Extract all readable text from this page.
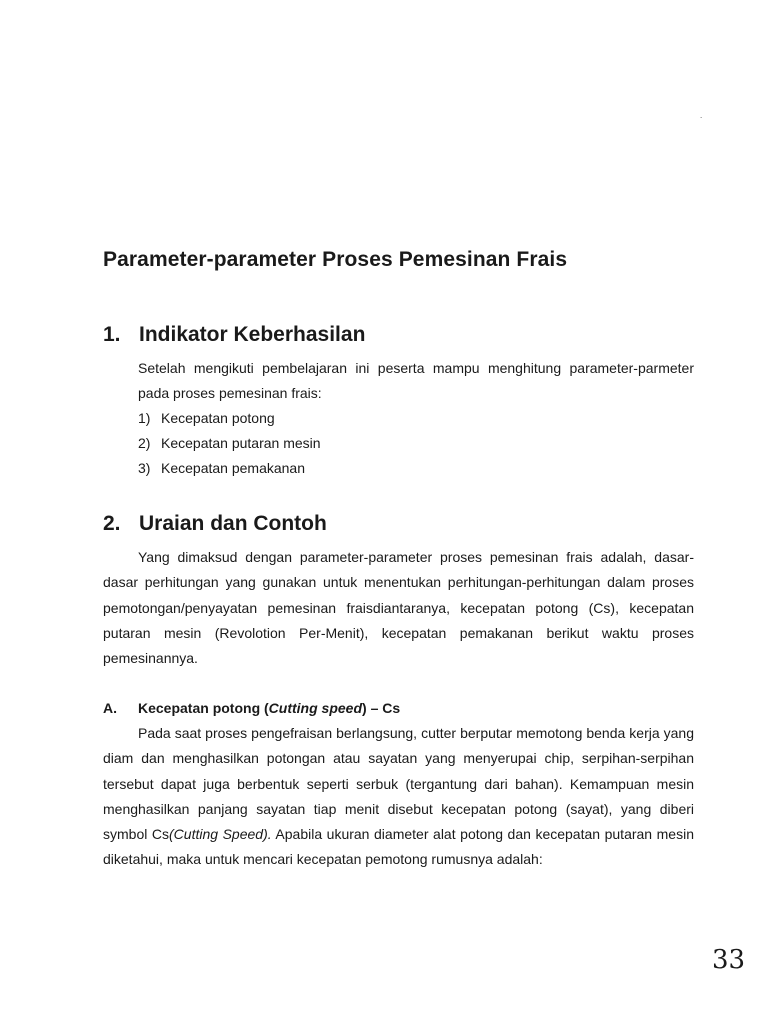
.
Parameter-parameter Proses Pemesinan Frais
1. Indikator Keberhasilan

Setelah mengikuti pembelajaran ini peserta mampu menghitung parameter-parmeter pada proses pemesinan frais:

1) Kecepatan potong
2) Kecepatan putaran mesin
3) Kecepatan pemakanan
2. Uraian dan Contoh

Yang dimaksud dengan parameter-parameter proses pemesinan frais adalah, dasar-dasar perhitungan yang gunakan untuk menentukan perhitungan-perhitungan dalam proses pemotongan/penyayatan pemesinan fraisdiantaranya, kecepatan potong (Cs), kecepatan putaran mesin (Revolotion Per-Menit), kecepatan pemakanan berikut waktu proses pemesinannya.

A. Kecepatan potong (Cutting speed) – Cs

Pada saat proses pengefraisan berlangsung, cutter berputar memotong benda kerja yang diam dan menghasilkan potongan atau sayatan yang menyerupai chip, serpihan-serpihan tersebut dapat juga berbentuk seperti serbuk (tergantung dari bahan). Kemampuan mesin menghasilkan panjang sayatan tiap menit disebut kecepatan potong (sayat), yang diberi symbol Cs(Cutting Speed). Apabila ukuran diameter alat potong dan kecepatan putaran mesin diketahui, maka untuk mencari kecepatan pemotong rumusnya adalah:

33
